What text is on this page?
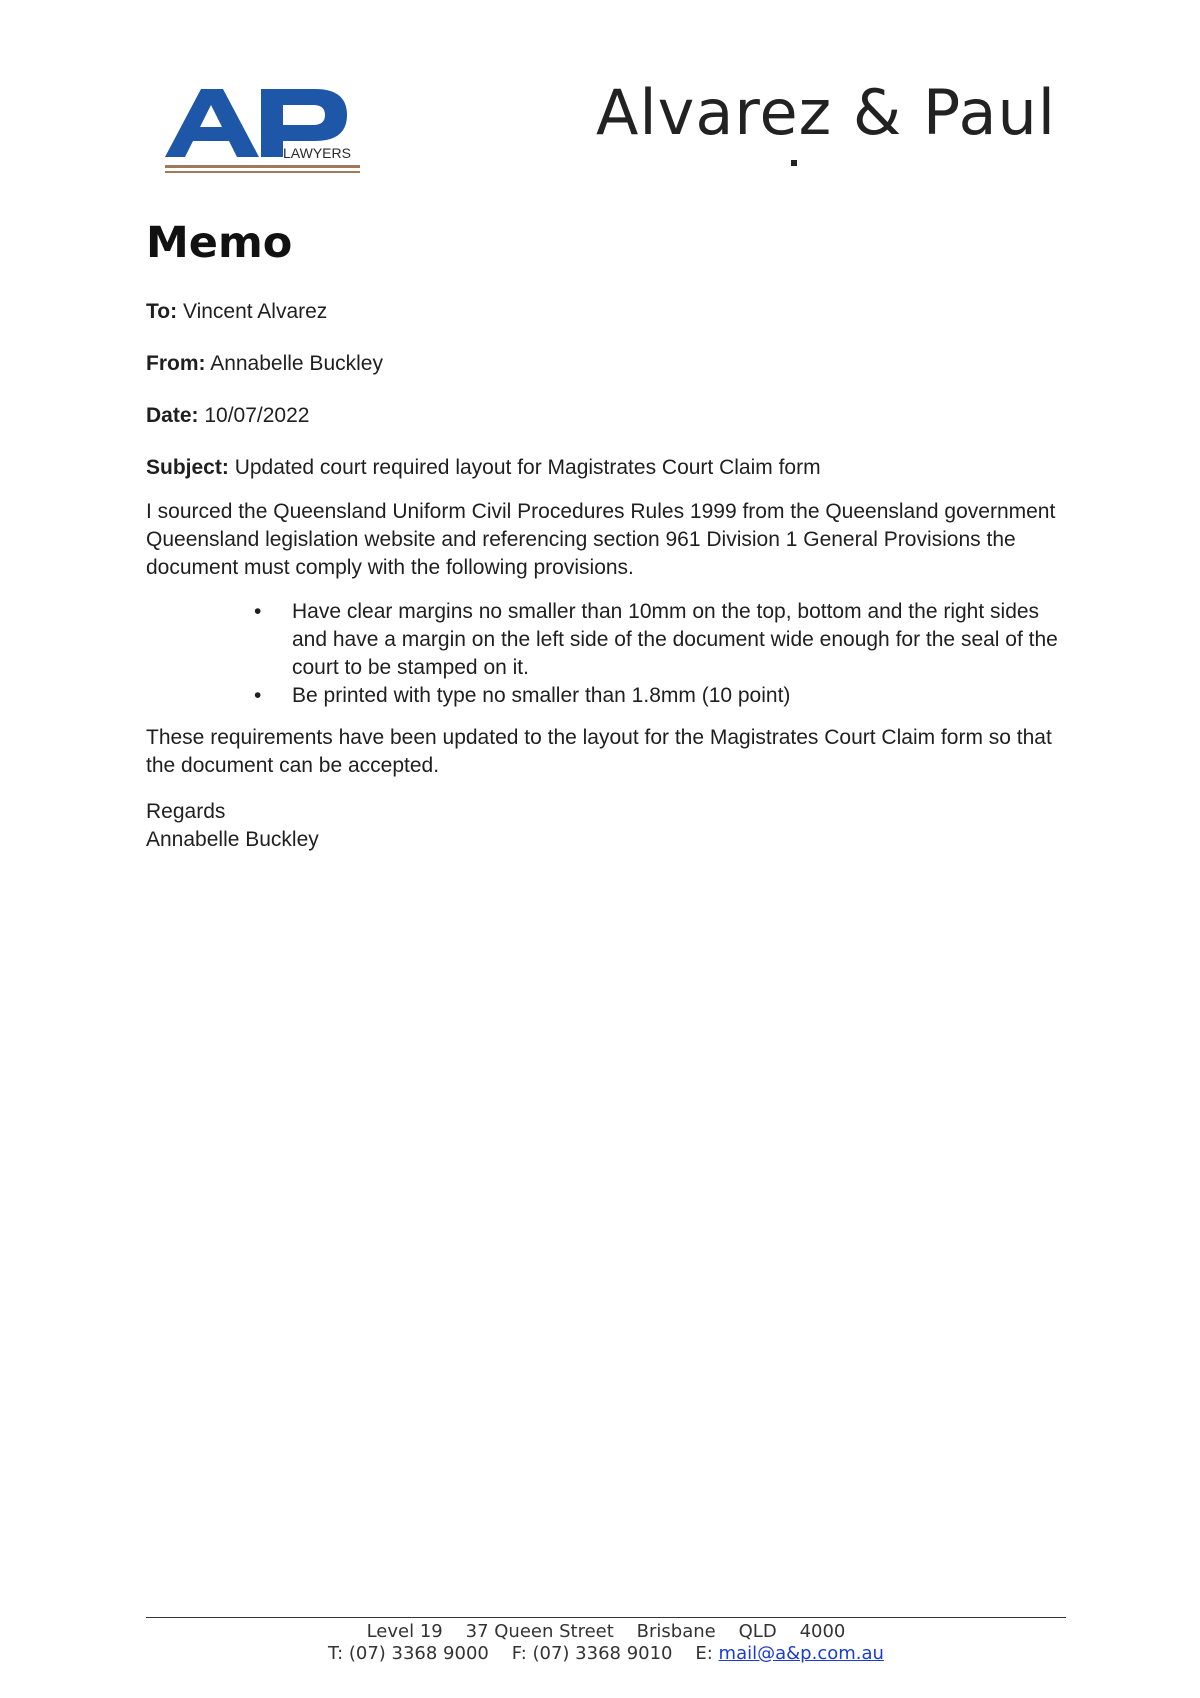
LAWYERS
Alvarez & Paul
Memo
To: Vincent Alvarez
From: Annabelle Buckley
Date: 10/07/2022
Subject: Updated court required layout for Magistrates Court Claim form
I sourced the Queensland Uniform Civil Procedures Rules 1999 from the Queensland government Queensland legislation website and referencing section 961 Division 1 General Provisions the document must comply with the following provisions.
• Have clear margins no smaller than 10mm on the top, bottom and the right sides and have a margin on the left side of the document wide enough for the seal of the court to be stamped on it.
• Be printed with type no smaller than 1.8mm (10 point)
These requirements have been updated to the layout for the Magistrates Court Claim form so that the document can be accepted.
Regards
Annabelle Buckley
Level 19    37 Queen Street    Brisbane    QLD    4000
T: (07) 3368 9000    F: (07) 3368 9010    E: mail@a&p.com.au
